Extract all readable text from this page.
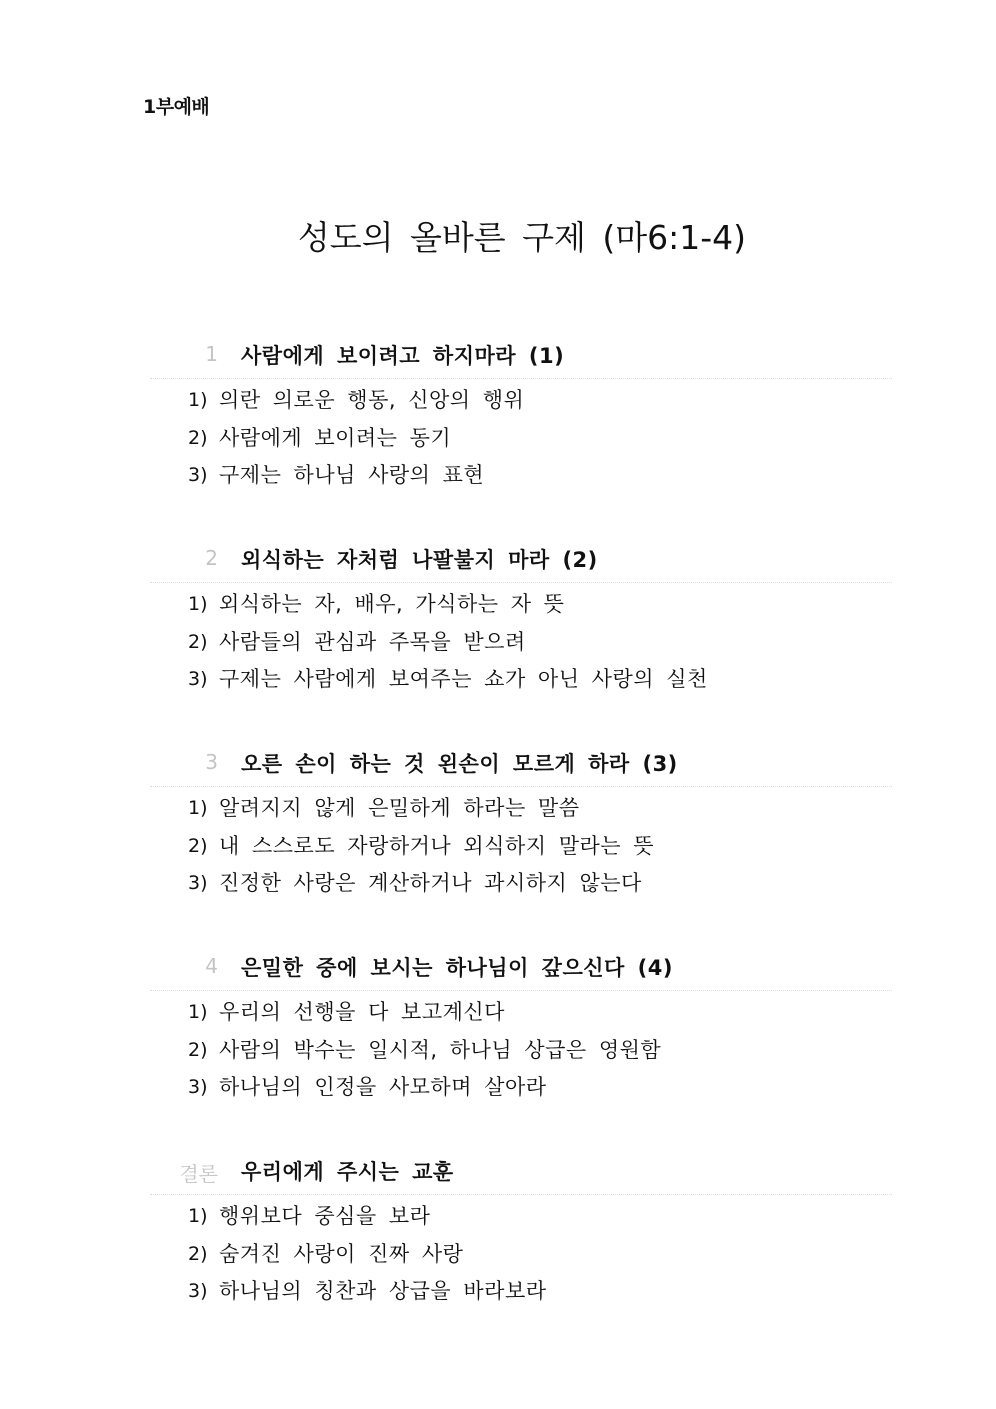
1부예배
성도의 올바른 구제 (마6:1-4)
1 사람에게 보이려고 하지마라 (1)
1) 의란 의로운 행동, 신앙의 행위
2) 사람에게 보이려는 동기
3) 구제는 하나님 사랑의 표현
2 외식하는 자처럼 나팔불지 마라 (2)
1) 외식하는 자, 배우, 가식하는 자 뜻
2) 사람들의 관심과 주목을 받으려
3) 구제는 사람에게 보여주는 쇼가 아닌 사랑의 실천
3 오른 손이 하는 것 왼손이 모르게 하라 (3)
1) 알려지지 않게 은밀하게 하라는 말씀
2) 내 스스로도 자랑하거나 외식하지 말라는 뜻
3) 진정한 사랑은 계산하거나 과시하지 않는다
4 은밀한 중에 보시는 하나님이 갚으신다 (4)
1) 우리의 선행을 다 보고계신다
2) 사람의 박수는 일시적, 하나님 상급은 영원함
3) 하나님의 인정을 사모하며 살아라
결론 우리에게 주시는 교훈
1) 행위보다 중심을 보라
2) 숨겨진 사랑이 진짜 사랑
3) 하나님의 칭찬과 상급을 바라보라
